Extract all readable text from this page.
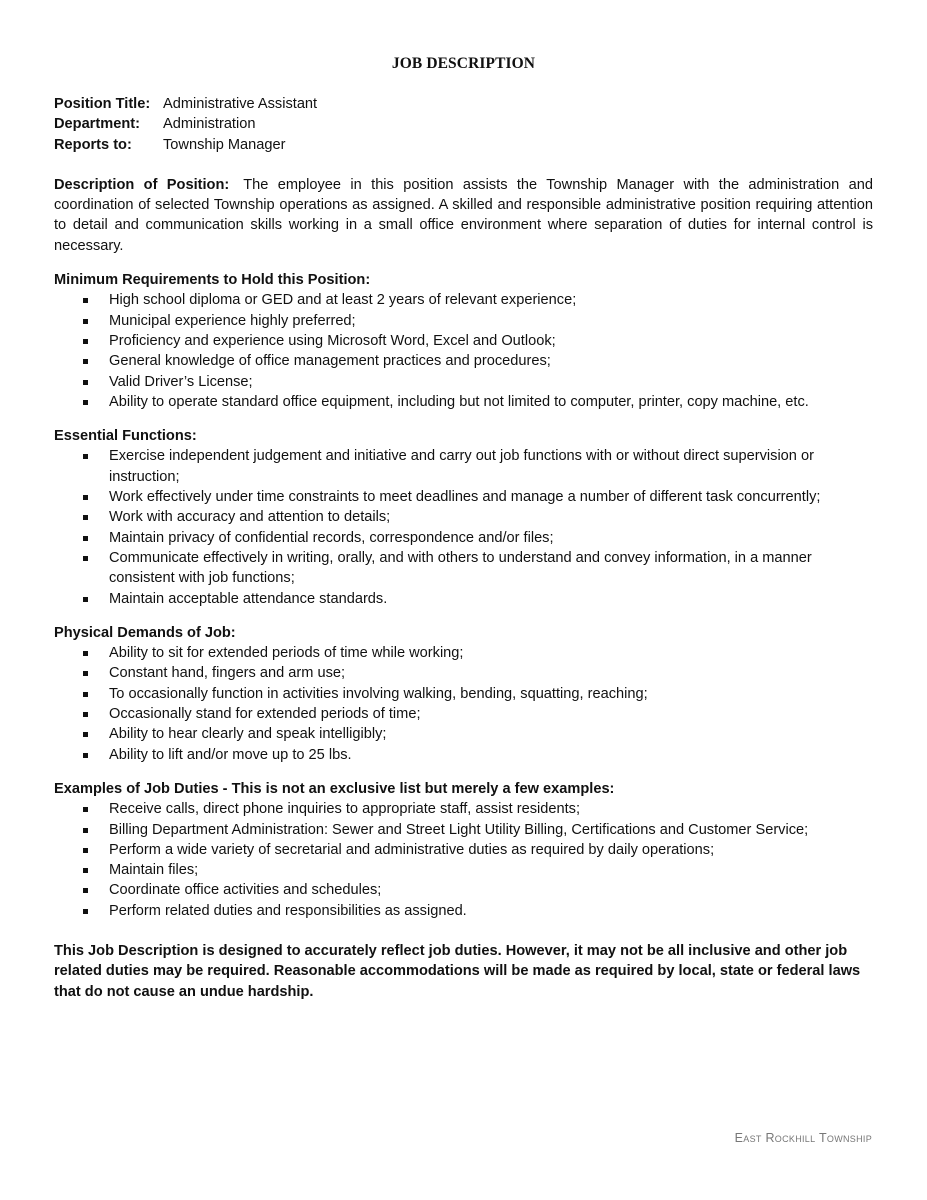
JOB DESCRIPTION
Position Title: Administrative Assistant
Department:	Administration
Reports to:	Township Manager
Description of Position: The employee in this position assists the Township Manager with the administration and coordination of selected Township operations as assigned. A skilled and responsible administrative position requiring attention to detail and communication skills working in a small office environment where separation of duties for internal control is necessary.
Minimum Requirements to Hold this Position:
High school diploma or GED and at least 2 years of relevant experience;
Municipal experience highly preferred;
Proficiency and experience using Microsoft Word, Excel and Outlook;
General knowledge of office management practices and procedures;
Valid Driver’s License;
Ability to operate standard office equipment, including but not limited to computer, printer, copy machine, etc.
Essential Functions:
Exercise independent judgement and initiative and carry out job functions with or without direct supervision or instruction;
Work effectively under time constraints to meet deadlines and manage a number of different task concurrently;
Work with accuracy and attention to details;
Maintain privacy of confidential records, correspondence and/or files;
Communicate effectively in writing, orally, and with others to understand and convey information, in a manner consistent with job functions;
Maintain acceptable attendance standards.
Physical Demands of Job:
Ability to sit for extended periods of time while working;
Constant hand, fingers and arm use;
To occasionally function in activities involving walking, bending, squatting, reaching;
Occasionally stand for extended periods of time;
Ability to hear clearly and speak intelligibly;
Ability to lift and/or move up to 25 lbs.
Examples of Job Duties - This is not an exclusive list but merely a few examples:
Receive calls, direct phone inquiries to appropriate staff, assist residents;
Billing Department Administration: Sewer and Street Light Utility Billing, Certifications and Customer Service;
Perform a wide variety of secretarial and administrative duties as required by daily operations;
Maintain files;
Coordinate office activities and schedules;
Perform related duties and responsibilities as assigned.
This Job Description is designed to accurately reflect job duties. However, it may not be all inclusive and other job related duties may be required. Reasonable accommodations will be made as required by local, state or federal laws that do not cause an undue hardship.
East Rockhill Township
